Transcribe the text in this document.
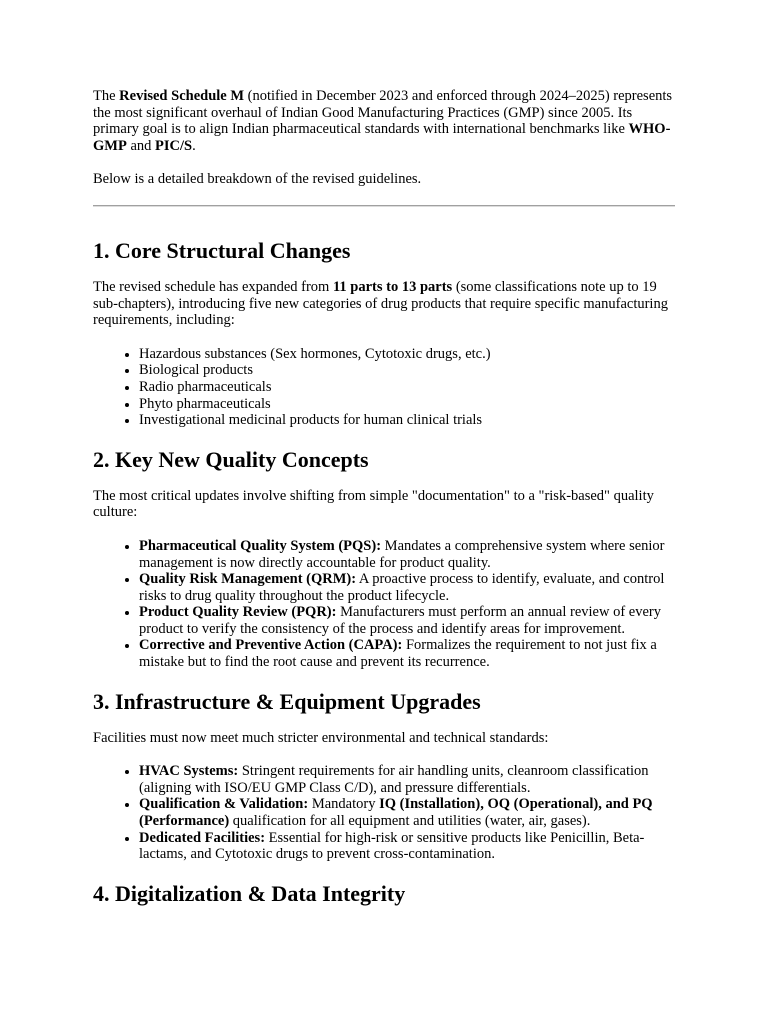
The Revised Schedule M (notified in December 2023 and enforced through 2024–2025) represents the most significant overhaul of Indian Good Manufacturing Practices (GMP) since 2005. Its primary goal is to align Indian pharmaceutical standards with international benchmarks like WHO-GMP and PIC/S.

Below is a detailed breakdown of the revised guidelines.

1. Core Structural Changes

The revised schedule has expanded from 11 parts to 13 parts (some classifications note up to 19 sub-chapters), introducing five new categories of drug products that require specific manufacturing requirements, including:

• Hazardous substances (Sex hormones, Cytotoxic drugs, etc.)
• Biological products
• Radio pharmaceuticals
• Phyto pharmaceuticals
• Investigational medicinal products for human clinical trials
2. Key New Quality Concepts

The most critical updates involve shifting from simple "documentation" to a "risk-based" quality culture:

• Pharmaceutical Quality System (PQS): Mandates a comprehensive system where senior management is now directly accountable for product quality.
• Quality Risk Management (QRM): A proactive process to identify, evaluate, and control risks to drug quality throughout the product lifecycle.
• Product Quality Review (PQR): Manufacturers must perform an annual review of every product to verify the consistency of the process and identify areas for improvement.
• Corrective and Preventive Action (CAPA): Formalizes the requirement to not just fix a mistake but to find the root cause and prevent its recurrence.
3. Infrastructure & Equipment Upgrades

Facilities must now meet much stricter environmental and technical standards:

• HVAC Systems: Stringent requirements for air handling units, cleanroom classification (aligning with ISO/EU GMP Class C/D), and pressure differentials.
• Qualification & Validation: Mandatory IQ (Installation), OQ (Operational), and PQ (Performance) qualification for all equipment and utilities (water, air, gases).
• Dedicated Facilities: Essential for high-risk or sensitive products like Penicillin, Beta-lactams, and Cytotoxic drugs to prevent cross-contamination.
4. Digitalization & Data Integrity
